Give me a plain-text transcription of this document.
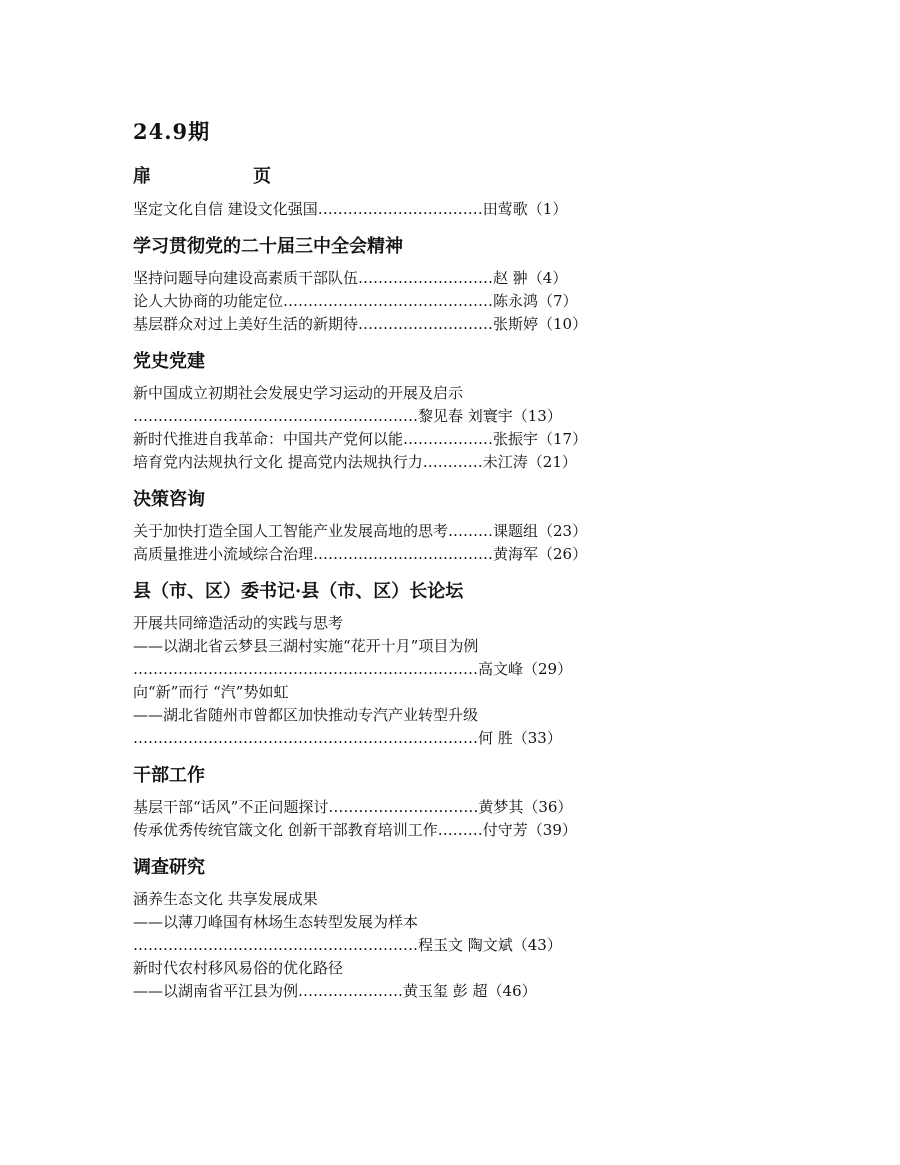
24.9期
扉　　页

坚定文化自信 建设文化强国……………………………田莺歌（1）

学习贯彻党的二十届三中全会精神

坚持问题导向建设高素质干部队伍………………………赵 翀（4）

论人大协商的功能定位……………………………………陈永鸿（7）

基层群众对过上美好生活的新期待………………………张斯婷（10）

党史党建

新中国成立初期社会发展史学习运动的开展及启示

…………………………………………………黎见春 刘寰宇（13）

新时代推进自我革命：中国共产党何以能………………张振宇（17）

培育党内法规执行文化 提高党内法规执行力…………未江涛（21）

决策咨询

关于加快打造全国人工智能产业发展高地的思考………课题组（23）

高质量推进小流域综合治理………………………………黄海军（26）

县（市、区）委书记·县（市、区）长论坛

开展共同缔造活动的实践与思考

——以湖北省云梦县三湖村实施“花开十月”项目为例

……………………………………………………………高文峰（29）

向“新”而行 “汽”势如虹

——湖北省随州市曾都区加快推动专汽产业转型升级

……………………………………………………………何 胜（33）

干部工作

基层干部“话风”不正问题探讨…………………………黄梦其（36）

传承优秀传统官箴文化 创新干部教育培训工作………付守芳（39）

调查研究

涵养生态文化 共享发展成果

——以薄刀峰国有林场生态转型发展为样本

…………………………………………………程玉文 陶文斌（43）

新时代农村移风易俗的优化路径

——以湖南省平江县为例…………………黄玉玺 彭 超（46）
